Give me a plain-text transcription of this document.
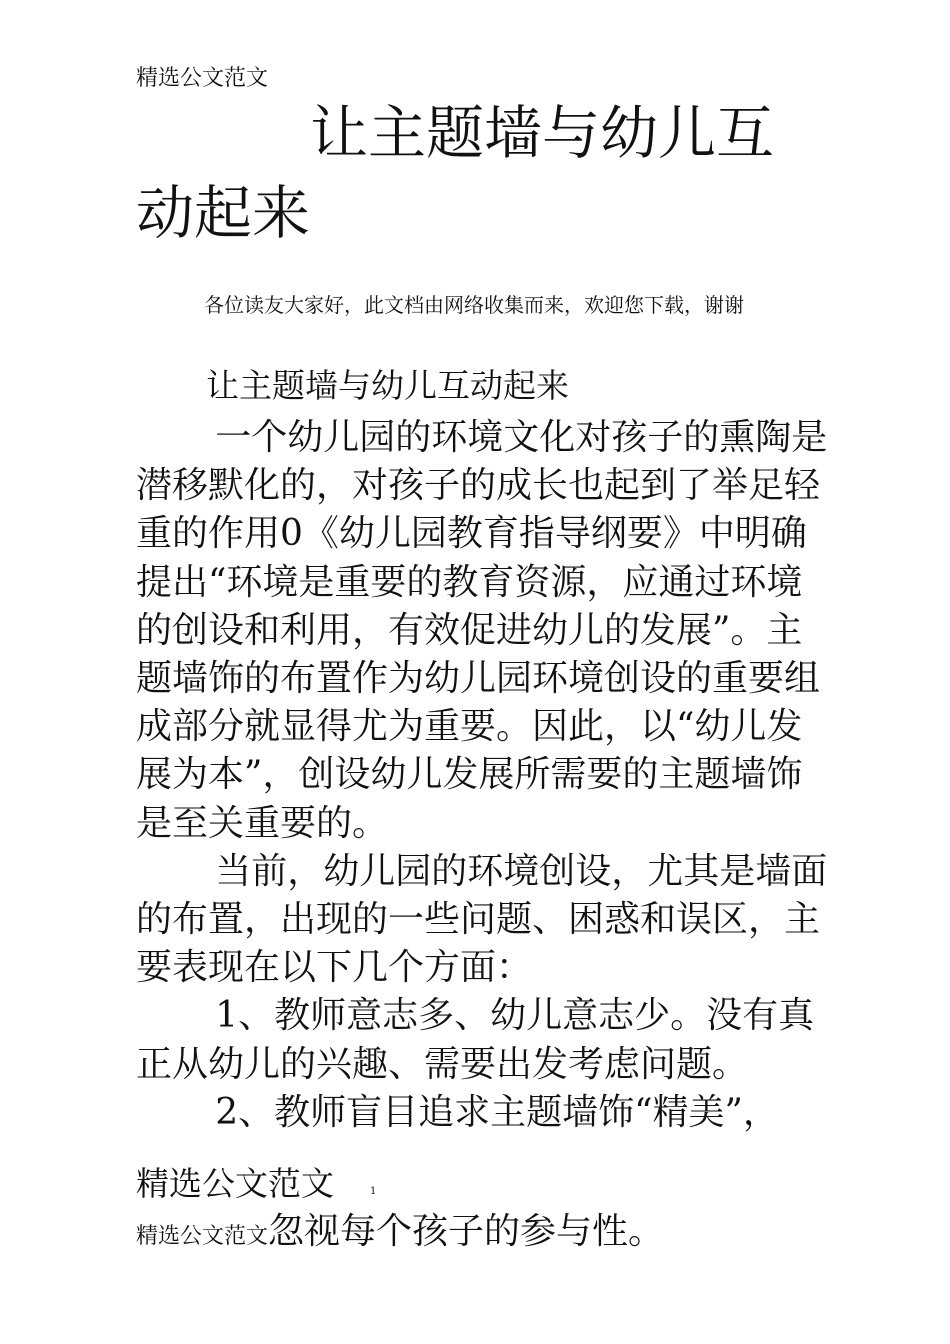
精选公文范文
让主题墙与幼儿互
动起来
各位读友大家好，此文档由网络收集而来，欢迎您下载，谢谢
让主题墙与幼儿互动起来

一个幼儿园的环境文化对孩子的熏陶是潜移默化的，对孩子的成长也起到了举足轻重的作用0《幼儿园教育指导纲要》中明确提出“环境是重要的教育资源，应通过环境的创设和利用，有效促进幼儿的发展”。主题墙饰的布置作为幼儿园环境创设的重要组成部分就显得尤为重要。因此，以“幼儿发展为本”，创设幼儿发展所需要的主题墙饰是至关重要的。

当前，幼儿园的环境创设，尤其是墙面的布置，出现的一些问题、困惑和误区，主要表现在以下几个方面：

1、教师意志多、幼儿意志少。没有真正从幼儿的兴趣、需要出发考虑问题。

2、教师盲目追求主题墙饰“精美”，

精选公文范文	1
精选公文范文忽视每个孩子的参与性。
